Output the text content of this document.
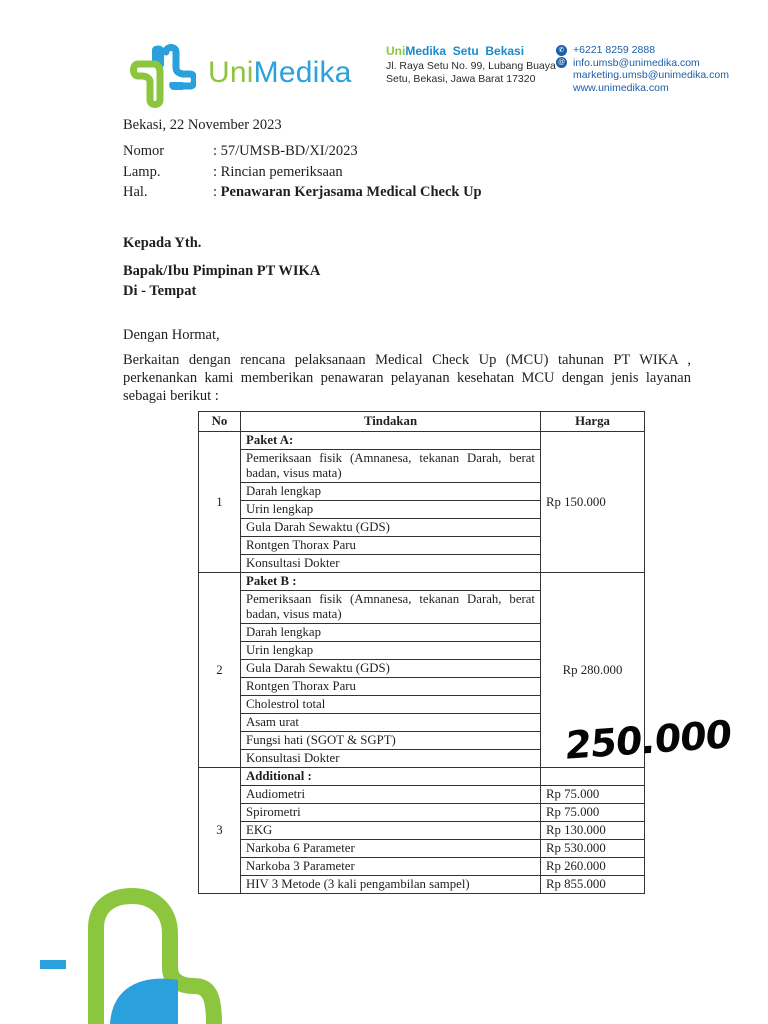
UniMedika
UniMedika  Setu  Bekasi
Jl. Raya Setu No. 99, Lubang Buaya
Setu, Bekasi, Jawa Barat 17320
✆ +6221 8259 2888
@ info.umsb@unimedika.com
marketing.umsb@unimedika.com
www.unimedika.com
Bekasi, 22 November 2023
Nomor	: 57/UMSB-BD/XI/2023
Lamp.	: Rincian pemeriksaan
Hal.	: Penawaran Kerjasama Medical Check Up
Kepada Yth.
Bapak/Ibu Pimpinan PT WIKA
Di - Tempat
Dengan Hormat,
Berkaitan dengan rencana pelaksanaan Medical Check Up (MCU) tahunan PT WIKA , perkenankan kami memberikan penawaran pelayanan kesehatan MCU dengan jenis layanan sebagai berikut :
No	Tindakan	Harga
1	Paket A:	Rp 150.000
	Pemeriksaan fisik (Amnanesa, tekanan Darah, berat badan, visus mata)	
	Darah lengkap	
	Urin lengkap	
	Gula Darah Sewaktu (GDS)	
	Rontgen Thorax Paru	
	Konsultasi Dokter	
2	Paket B :	Rp 280.000
	Pemeriksaan fisik (Amnanesa, tekanan Darah, berat badan, visus mata)	
	Darah lengkap	
	Urin lengkap	
	Gula Darah Sewaktu (GDS)	
	Rontgen Thorax Paru	
	Cholestrol total	
	Asam urat	
	Fungsi hati (SGOT & SGPT)	
	Konsultasi Dokter	
3	Additional :	
	Audiometri	Rp 75.000
	Spirometri	Rp 75.000
	EKG	Rp 130.000
	Narkoba 6 Parameter	Rp 530.000
	Narkoba 3 Parameter	Rp 260.000
	HIV 3 Metode (3 kali pengambilan sampel)	Rp 855.000
250.000
